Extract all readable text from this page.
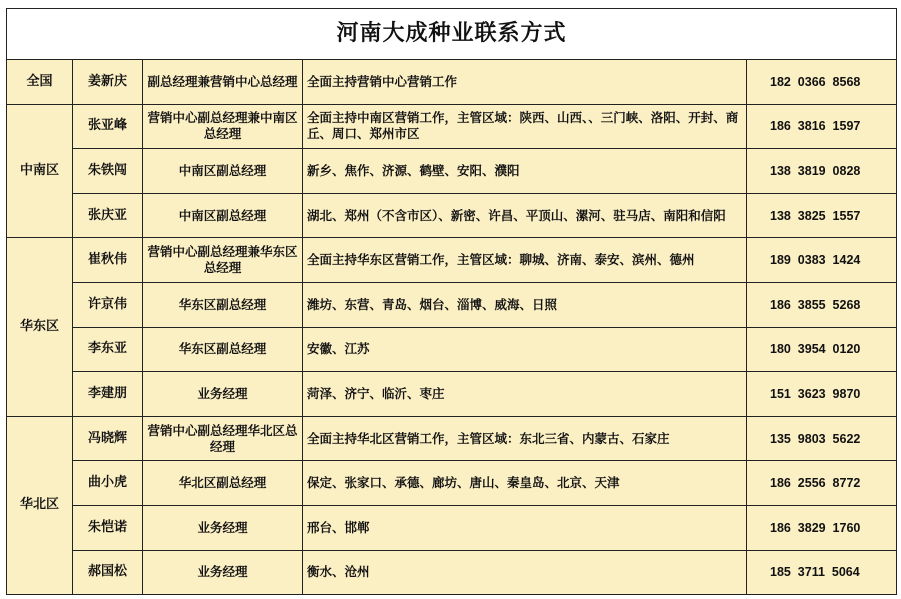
河南大成种业联系方式				
全国	姜新庆	副总经理兼营销中心总经理	全面主持营销中心营销工作	182  0366  8568
中南区	张亚峰	营销中心副总经理兼中南区总经理	全面主持中南区营销工作，主管区域：陕西、山西、、三门峡、洛阳、开封、商丘、周口、郑州市区	186  3816  1597
	朱铁闯	中南区副总经理	新乡、焦作、济源、鹤壁、安阳、濮阳	138  3819  0828
	张庆亚	中南区副总经理	湖北、郑州（不含市区）、新密、许昌、平顶山、漯河、驻马店、南阳和信阳	138  3825  1557
华东区	崔秋伟	营销中心副总经理兼华东区总经理	全面主持华东区营销工作，主管区域：聊城、济南、泰安、滨州、德州	189  0383  1424
	许京伟	华东区副总经理	潍坊、东营、青岛、烟台、淄博、威海、日照	186  3855  5268
	李东亚	华东区副总经理	安徽、江苏	180  3954  0120
	李建朋	业务经理	菏泽、济宁、临沂、枣庄	151  3623  9870
华北区	冯晓辉	营销中心副总经理华北区总经理	全面主持华北区营销工作，主管区域：东北三省、内蒙古、石家庄	135  9803  5622
	曲小虎	华北区副总经理	保定、张家口、承德、廊坊、唐山、秦皇岛、北京、天津	186  2556  8772
	朱恺诺	业务经理	邢台、邯郸	186  3829  1760
	郝国松	业务经理	衡水、沧州	185  3711  5064
